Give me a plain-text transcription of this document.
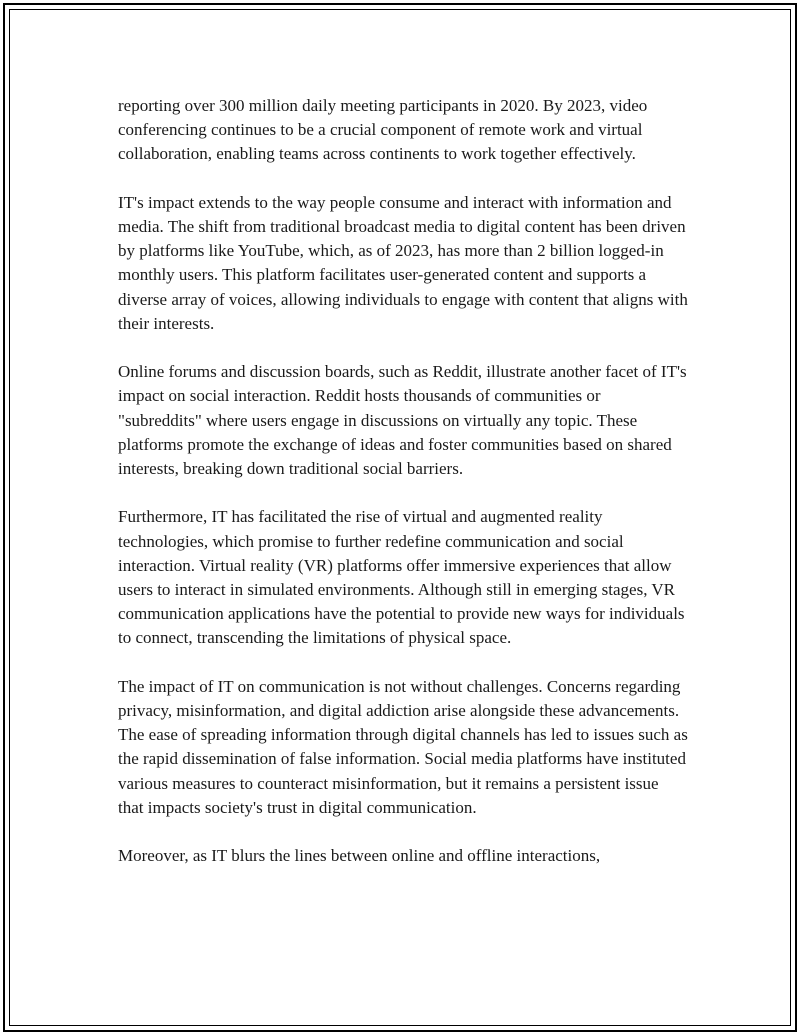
reporting over 300 million daily meeting participants in 2020. By 2023, video conferencing continues to be a crucial component of remote work and virtual collaboration, enabling teams across continents to work together effectively.

IT's impact extends to the way people consume and interact with information and media. The shift from traditional broadcast media to digital content has been driven by platforms like YouTube, which, as of 2023, has more than 2 billion logged-in monthly users. This platform facilitates user-generated content and supports a diverse array of voices, allowing individuals to engage with content that aligns with their interests.

Online forums and discussion boards, such as Reddit, illustrate another facet of IT's impact on social interaction. Reddit hosts thousands of communities or "subreddits" where users engage in discussions on virtually any topic. These platforms promote the exchange of ideas and foster communities based on shared interests, breaking down traditional social barriers.

Furthermore, IT has facilitated the rise of virtual and augmented reality technologies, which promise to further redefine communication and social interaction. Virtual reality (VR) platforms offer immersive experiences that allow users to interact in simulated environments. Although still in emerging stages, VR communication applications have the potential to provide new ways for individuals to connect, transcending the limitations of physical space.

The impact of IT on communication is not without challenges. Concerns regarding privacy, misinformation, and digital addiction arise alongside these advancements. The ease of spreading information through digital channels has led to issues such as the rapid dissemination of false information. Social media platforms have instituted various measures to counteract misinformation, but it remains a persistent issue that impacts society's trust in digital communication.

Moreover, as IT blurs the lines between online and offline interactions,
